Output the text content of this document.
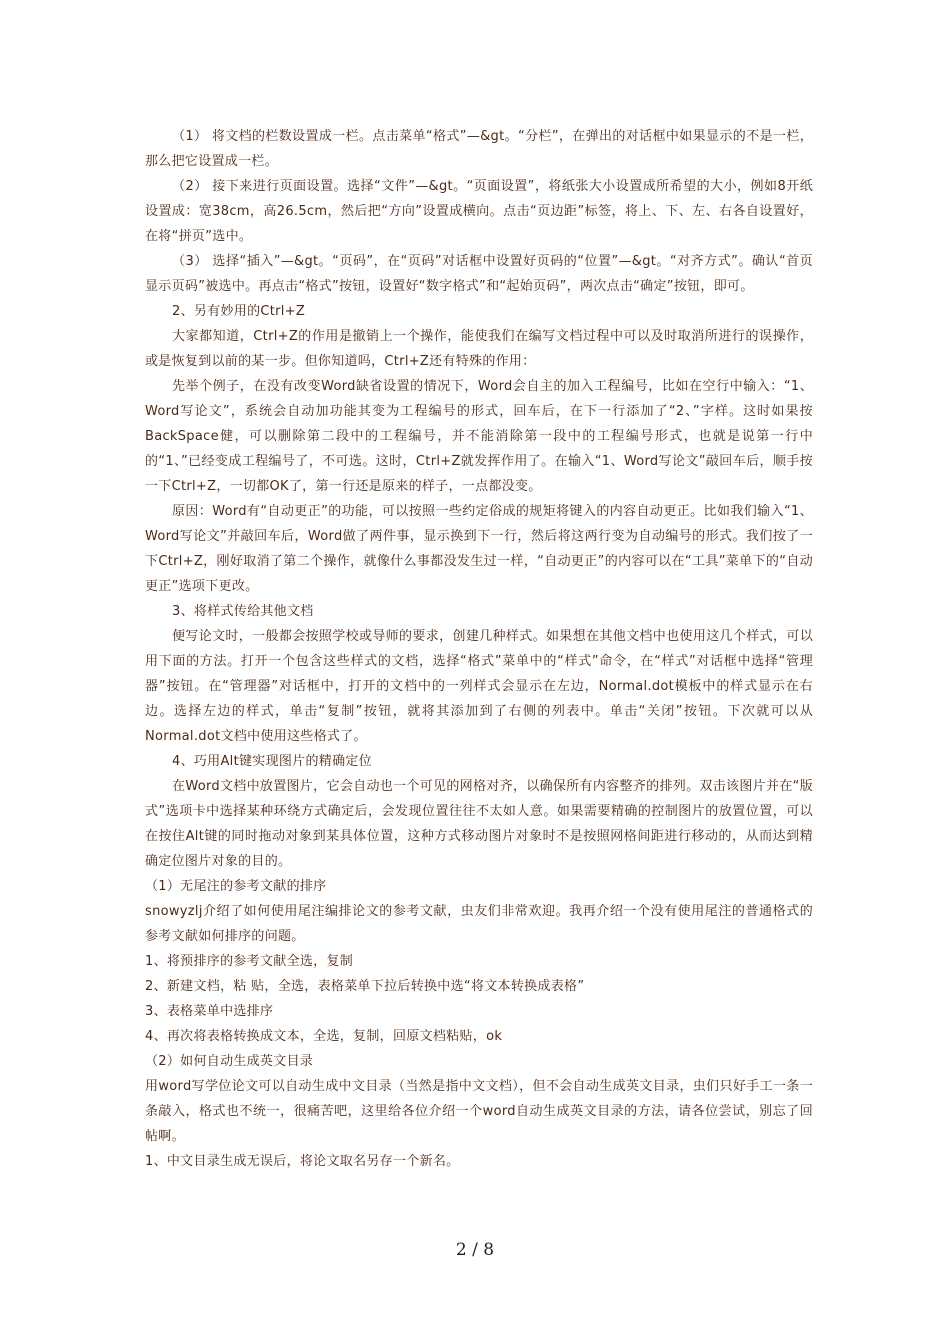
（1） 将文档的栏数设置成一栏。点击菜单“格式”—&gt。“分栏”，在弹出的对话框中如果显示的不是一栏，那么把它设置成一栏。

（2） 接下来进行页面设置。选择“文件”—&gt。“页面设置”，将纸张大小设置成所希望的大小，例如8开纸设置成：宽38cm，高26.5cm，然后把“方向”设置成横向。点击“页边距”标签，将上、下、左、右各自设置好，在将“拼页”选中。

（3） 选择“插入”—&gt。“页码”，在“页码”对话框中设置好页码的“位置”—&gt。“对齐方式”。确认“首页显示页码”被选中。再点击“格式”按钮，设置好“数字格式”和“起始页码”，两次点击“确定”按钮，即可。

2、另有妙用的Ctrl+Z

大家都知道，Ctrl+Z的作用是撤销上一个操作，能使我们在编写文档过程中可以及时取消所进行的误操作，或是恢复到以前的某一步。但你知道吗，Ctrl+Z还有特殊的作用：

先举个例子，在没有改变Word缺省设置的情况下，Word会自主的加入工程编号，比如在空行中输入：“1、Word写论文”，系统会自动加功能其变为工程编号的形式，回车后，在下一行添加了“2、”字样。这时如果按BackSpace健，可以删除第二段中的工程编号，并不能消除第一段中的工程编号形式，也就是说第一行中的“1、”已经变成工程编号了，不可选。这时，Ctrl+Z就发挥作用了。在输入“1、Word写论文”敲回车后，顺手按一下Ctrl+Z，一切都OK了，第一行还是原来的样子，一点都没变。

原因：Word有“自动更正”的功能，可以按照一些约定俗成的规矩将键入的内容自动更正。比如我们输入“1、Word写论文”并敲回车后，Word做了两件事，显示换到下一行，然后将这两行变为自动编号的形式。我们按了一下Ctrl+Z，刚好取消了第二个操作，就像什么事都没发生过一样，“自动更正”的内容可以在“工具”菜单下的“自动更正”选项下更改。

3、将样式传给其他文档

便写论文时，一般都会按照学校或导师的要求，创建几种样式。如果想在其他文档中也使用这几个样式，可以用下面的方法。打开一个包含这些样式的文档，选择“格式”菜单中的“样式”命令，在“样式”对话框中选择“管理器”按钮。在“管理器”对话框中，打开的文档中的一列样式会显示在左边，Normal.dot模板中的样式显示在右边。选择左边的样式，单击“复制”按钮，就将其添加到了右侧的列表中。单击“关闭”按钮。下次就可以从Normal.dot文档中使用这些格式了。

4、巧用Alt键实现图片的精确定位

在Word文档中放置图片，它会自动也一个可见的网格对齐，以确保所有内容整齐的排列。双击该图片并在“版式”选项卡中选择某种环绕方式确定后，会发现位置往往不太如人意。如果需要精确的控制图片的放置位置，可以在按住Alt键的同时拖动对象到某具体位置，这种方式移动图片对象时不是按照网格间距进行移动的，从而达到精确定位图片对象的目的。

（1）无尾注的参考文献的排序

snowyzlj介绍了如何使用尾注编排论文的参考文献，虫友们非常欢迎。我再介绍一个没有使用尾注的普通格式的参考文献如何排序的问题。

1、将预排序的参考文献全选，复制

2、新建文档，粘 贴，全选，表格菜单下拉后转换中选“将文本转换成表格”

3、表格菜单中选排序

4、再次将表格转换成文本，全选，复制，回原文档粘贴，ok

（2）如何自动生成英文目录

用word写学位论文可以自动生成中文目录（当然是指中文文档），但不会自动生成英文目录，虫们只好手工一条一条敲入，格式也不统一，很痛苦吧，这里给各位介绍一个word自动生成英文目录的方法，请各位尝试，别忘了回帖啊。

1、中文目录生成无误后，将论文取名另存一个新名。

2 / 8
